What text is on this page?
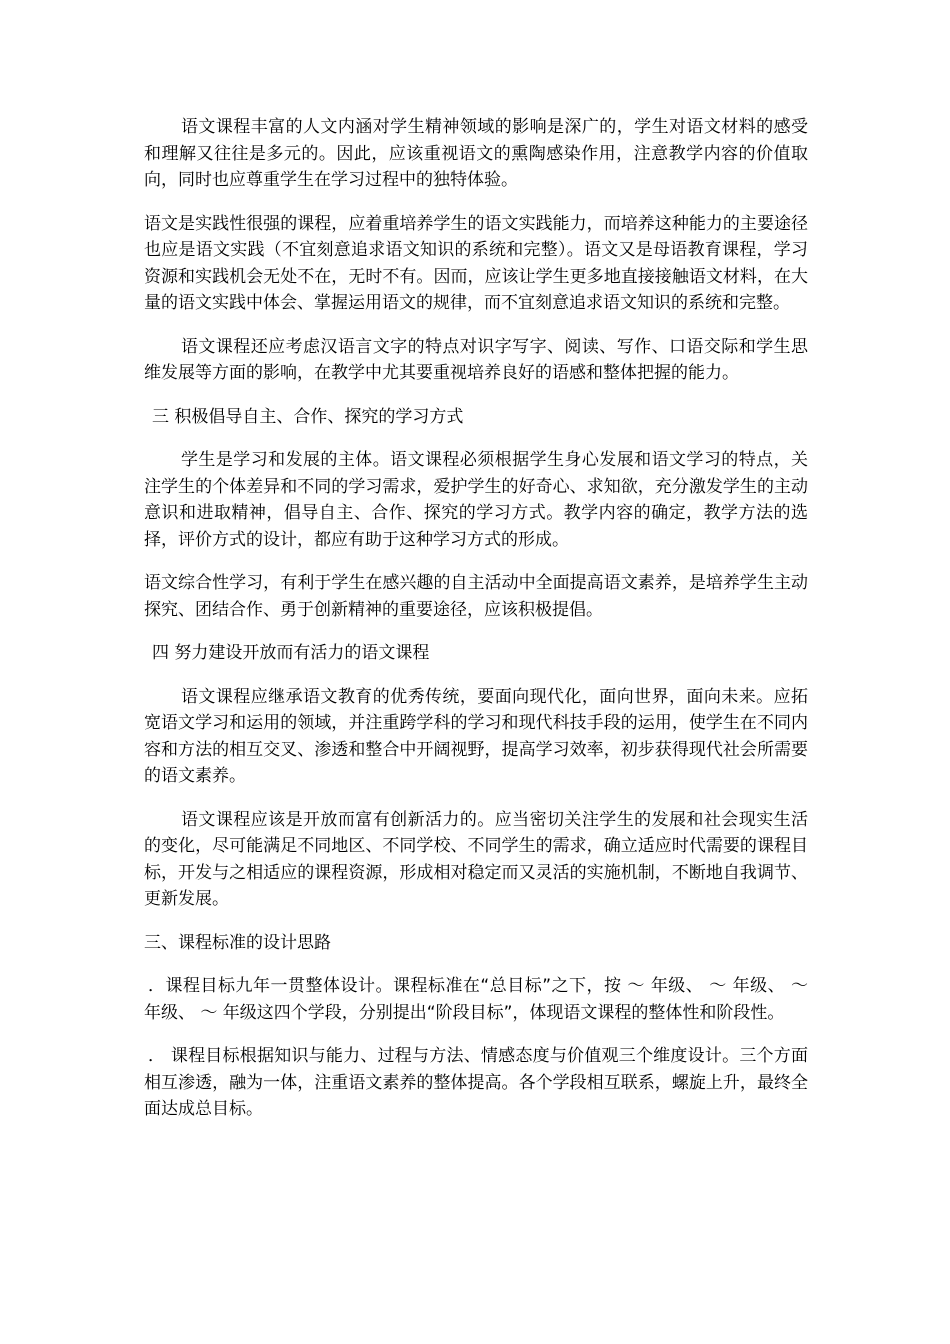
语文课程丰富的人文内涵对学生精神领域的影响是深广的，学生对语文材料的感受和理解又往往是多元的。因此，应该重视语文的熏陶感染作用，注意教学内容的价值取向，同时也应尊重学生在学习过程中的独特体验。

语文是实践性很强的课程，应着重培养学生的语文实践能力，而培养这种能力的主要途径也应是语文实践（不宜刻意追求语文知识的系统和完整）。语文又是母语教育课程，学习资源和实践机会无处不在，无时不有。因而，应该让学生更多地直接接触语文材料，在大量的语文实践中体会、掌握运用语文的规律，而不宜刻意追求语文知识的系统和完整。

语文课程还应考虑汉语言文字的特点对识字写字、阅读、写作、口语交际和学生思维发展等方面的影响，在教学中尤其要重视培养良好的语感和整体把握的能力。

三 积极倡导自主、合作、探究的学习方式

学生是学习和发展的主体。语文课程必须根据学生身心发展和语文学习的特点，关注学生的个体差异和不同的学习需求，爱护学生的好奇心、求知欲，充分激发学生的主动意识和进取精神，倡导自主、合作、探究的学习方式。教学内容的确定，教学方法的选择，评价方式的设计，都应有助于这种学习方式的形成。

语文综合性学习，有利于学生在感兴趣的自主活动中全面提高语文素养，是培养学生主动探究、团结合作、勇于创新精神的重要途径，应该积极提倡。

四 努力建设开放而有活力的语文课程

语文课程应继承语文教育的优秀传统，要面向现代化，面向世界，面向未来。应拓宽语文学习和运用的领域，并注重跨学科的学习和现代科技手段的运用，使学生在不同内容和方法的相互交叉、渗透和整合中开阔视野，提高学习效率，初步获得现代社会所需要的语文素养。

语文课程应该是开放而富有创新活力的。应当密切关注学生的发展和社会现实生活的变化，尽可能满足不同地区、不同学校、不同学生的需求，确立适应时代需要的课程目标，开发与之相适应的课程资源，形成相对稳定而又灵活的实施机制，不断地自我调节、更新发展。

三、课程标准的设计思路

．课程目标九年一贯整体设计。课程标准在“总目标”之下，按 ～ 年级、 ～ 年级、 ～ 年级、 ～ 年级这四个学段，分别提出“阶段目标”，体现语文课程的整体性和阶段性。

． 课程目标根据知识与能力、过程与方法、情感态度与价值观三个维度设计。三个方面相互渗透，融为一体，注重语文素养的整体提高。各个学段相互联系，螺旋上升，最终全面达成总目标。
